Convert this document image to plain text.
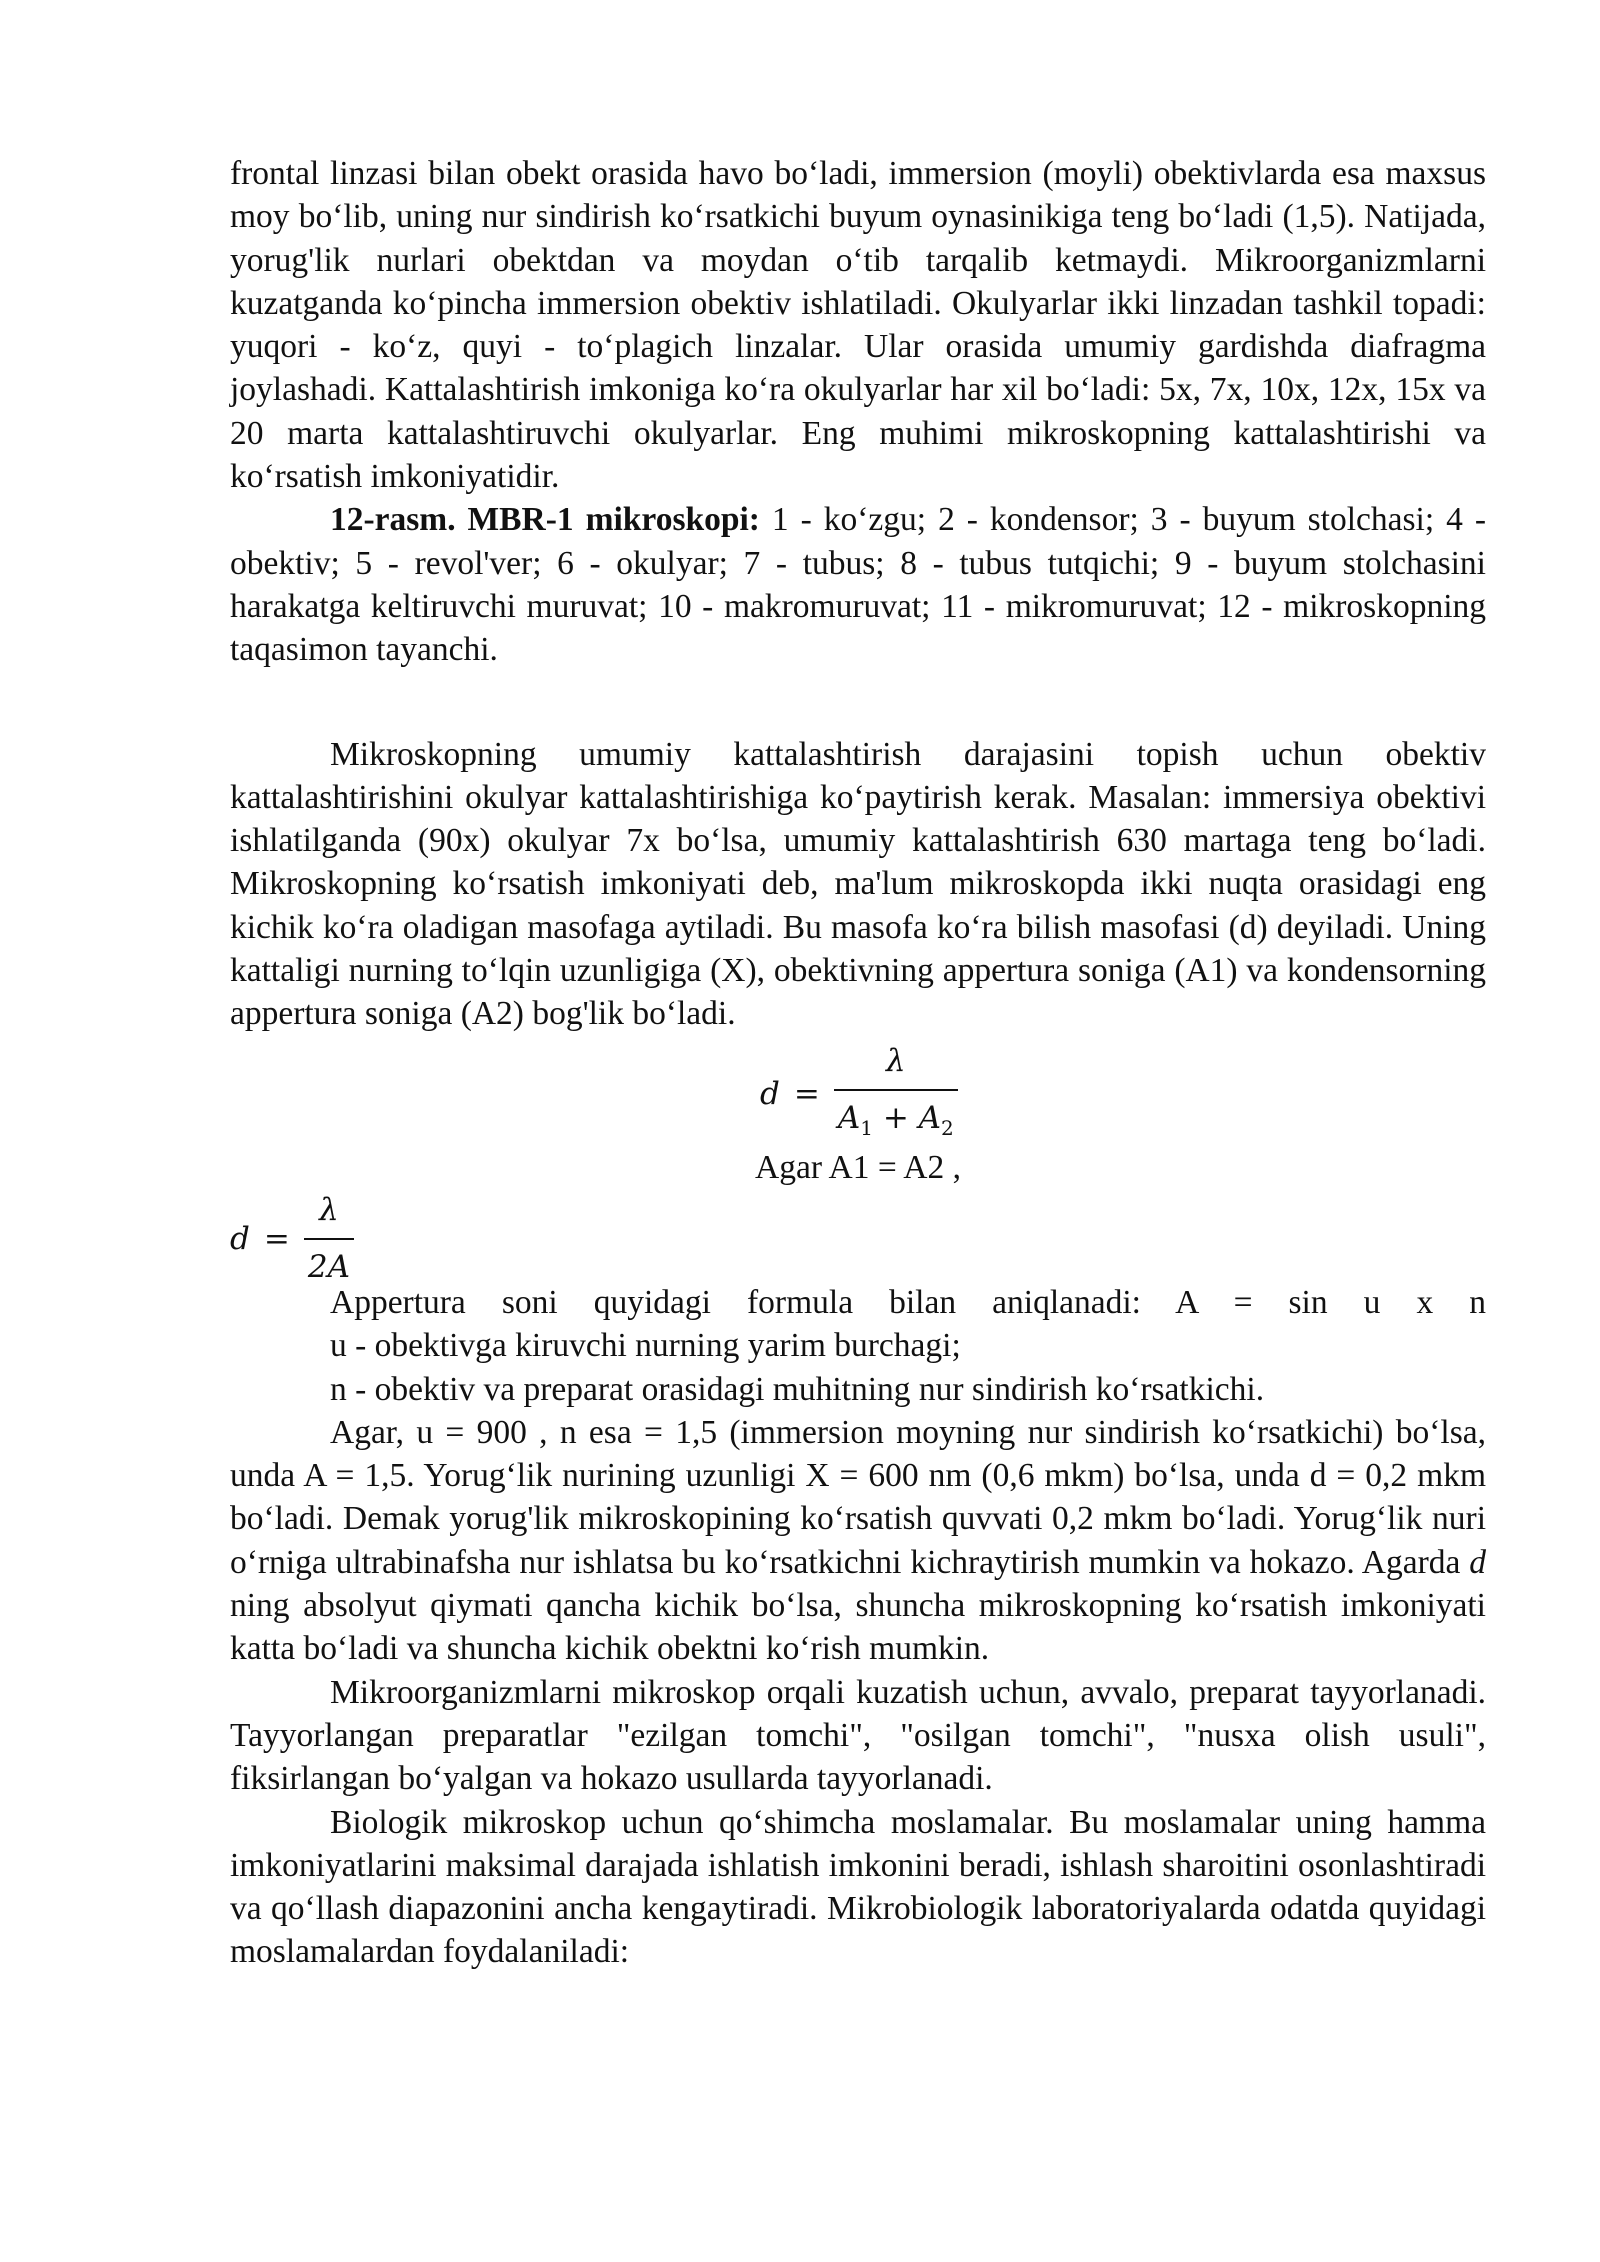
frontal linzasi bilan obekt orasida havo bo‘ladi, immersion (moyli) obektivlarda esa maxsus moy bo‘lib, uning nur sindirish ko‘rsatkichi buyum oynasinikiga teng bo‘ladi (1,5). Natijada, yorug'lik nurlari obektdan va moydan o‘tib tarqalib ketmaydi. Mikroorganizmlarni kuzatganda ko‘pincha immersion obektiv ishlatiladi. Okulyarlar ikki linzadan tashkil topadi: yuqori - ko‘z, quyi - to‘plagich linzalar. Ular orasida umumiy gardishda diafragma joylashadi. Kattalashtirish imkoniga ko‘ra okulyarlar har xil bo‘ladi: 5x, 7x, 10x, 12x, 15x va 20 marta kattalashtiruvchi okulyarlar. Eng muhimi mikroskopning kattalashtirishi va ko‘rsatish imkoniyatidir.

12-rasm. MBR-1 mikroskopi: 1 - ko‘zgu; 2 - kondensor; 3 - buyum stolchasi; 4 - obektiv; 5 - revol'ver; 6 - okulyar; 7 - tubus; 8 - tubus tutqichi; 9 - buyum stolchasini harakatga keltiruvchi muruvat; 10 - makromuruvat; 11 - mikromuruvat; 12 - mikroskopning taqasimon tayanchi.

Mikroskopning umumiy kattalashtirish darajasini topish uchun obektiv kattalashtirishini okulyar kattalashtirishiga ko‘paytirish kerak. Masalan: immersiya obektivi ishlatilganda (90x) okulyar 7x bo‘lsa, umumiy kattalashtirish 630 martaga teng bo‘ladi. Mikroskopning ko‘rsatish imkoniyati deb, ma'lum mikroskopda ikki nuqta orasidagi eng kichik ko‘ra oladigan masofaga aytiladi. Bu masofa ko‘ra bilish masofasi (d) deyiladi. Uning kattaligi nurning to‘lqin uzunligiga (X), obektivning appertura soniga (A1) va kondensorning appertura soniga (A2) bog'lik bo‘ladi.

$d = \frac{\lambda}{A_1 + A_2}$

Agar A1 = A2 ,

$d = \frac{\lambda}{2A}$

Appertura soni quyidagi formula bilan aniqlanadi: A = sin u x n

u - obektivga kiruvchi nurning yarim burchagi;

n - obektiv va preparat orasidagi muhitning nur sindirish ko‘rsatkichi.

Agar, u = 900 , n esa = 1,5 (immersion moyning nur sindirish ko‘rsatkichi) bo‘lsa, unda A = 1,5. Yorug‘lik nurining uzunligi X = 600 nm (0,6 mkm) bo‘lsa, unda d = 0,2 mkm bo‘ladi. Demak yorug'lik mikroskopining ko‘rsatish quvvati 0,2 mkm bo‘ladi. Yorug‘lik nuri o‘rniga ultrabinafsha nur ishlatsa bu ko‘rsatkichni kichraytirish mumkin va hokazo. Agarda d ning absolyut qiymati qancha kichik bo‘lsa, shuncha mikroskopning ko‘rsatish imkoniyati katta bo‘ladi va shuncha kichik obektni ko‘rish mumkin.

Mikroorganizmlarni mikroskop orqali kuzatish uchun, avvalo, preparat tayyorlanadi. Tayyorlangan preparatlar "ezilgan tomchi", "osilgan tomchi", "nusxa olish usuli", fiksirlangan bo‘yalgan va hokazo usullarda tayyorlanadi.

Biologik mikroskop uchun qo‘shimcha moslamalar. Bu moslamalar uning hamma imkoniyatlarini maksimal darajada ishlatish imkonini beradi, ishlash sharoitini osonlashtiradi va qo‘llash diapazonini ancha kengaytiradi. Mikrobiologik laboratoriyalarda odatda quyidagi moslamalardan foydalaniladi:
